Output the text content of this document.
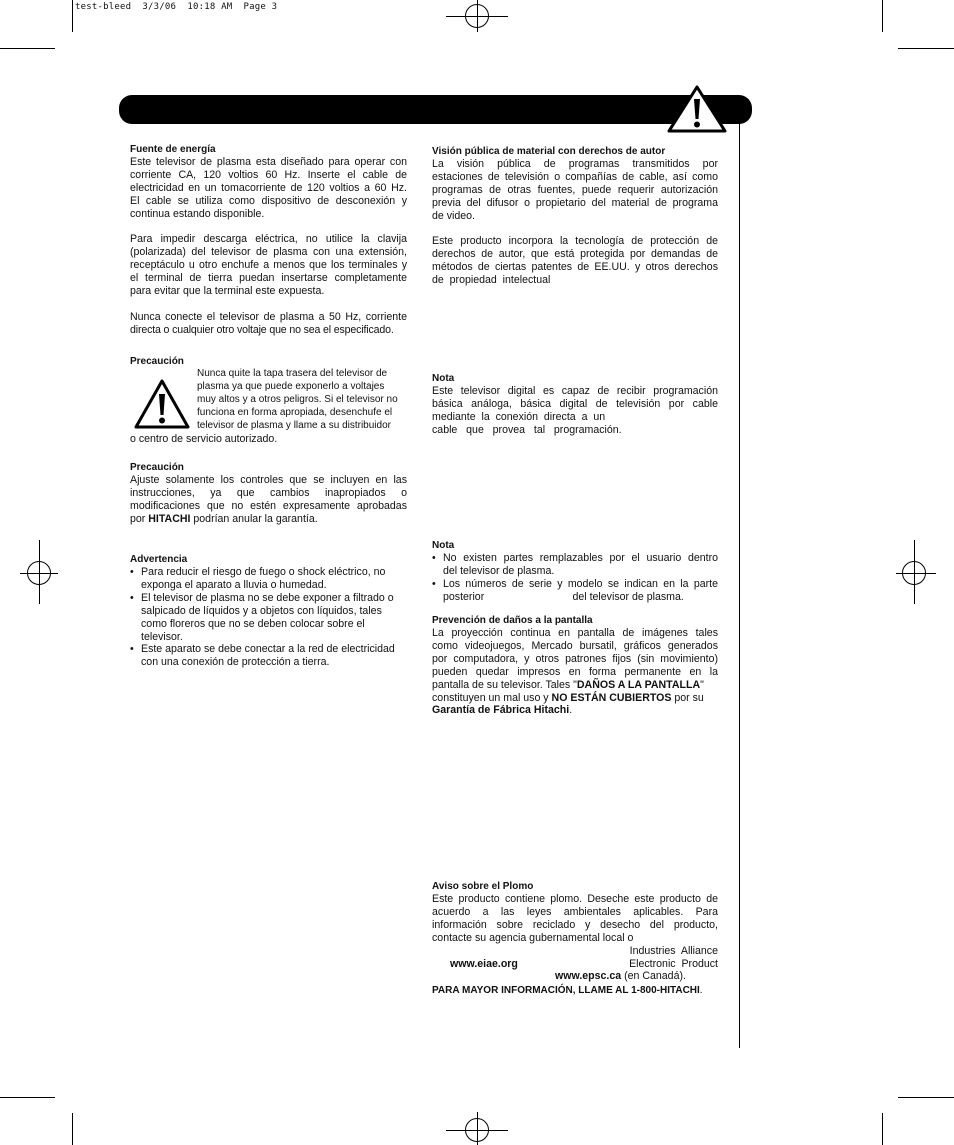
test-bleed  3/3/06  10:18 AM  Page 3

Fuente de energía

Este televisor de plasma esta diseñado para operar con

corriente CA, 120 voltios 60 Hz. Inserte el cable de

electricidad en un tomacorriente de 120 voltios a 60 Hz.

El cable se utiliza como dispositivo de desconexión y

continua estando disponible.

Para impedir descarga eléctrica, no utilice la clavija

(polarizada) del televisor de plasma con una extensión,

receptáculo u otro enchufe a menos que los terminales y

el terminal de tierra puedan insertarse completamente

para evitar que la terminal este expuesta.

Nunca conecte el televisor de plasma a 50 Hz, corriente

directa o cualquier otro voltaje que no sea el especificado.

Precaución

Nunca quite la tapa trasera del televisor de

plasma ya que puede exponerlo a voltajes

muy altos y a otros peligros. Si el televisor no

funciona en forma apropiada, desenchufe el

televisor de plasma y llame a su distribuidor

o centro de servicio autorizado.

Precaución

Ajuste solamente los controles que se incluyen en las

instrucciones, ya que cambios inapropiados o

modificaciones que no estén expresamente aprobadas

por HITACHI podrían anular la garantía.

Advertencia

• Para reducir el riesgo de fuego o shock eléctrico, no

exponga el aparato a lluvia o humedad.

• El televisor de plasma no se debe exponer a filtrado o

salpicado de líquidos y a objetos con líquidos, tales

como floreros que no se deben colocar sobre el

televisor.

• Este aparato se debe conectar a la red de electricidad

con una conexión de protección a tierra.

Visión pública de material con derechos de autor

La visión pública de programas transmitidos por

estaciones de televisión o compañías de cable, así como

programas de otras fuentes, puede requerir autorización

previa del difusor o propietario del material de programa

de video.

Este producto incorpora la tecnología de protección de

derechos de autor, que está protegida por demandas de

métodos de ciertas patentes de EE.UU. y otros derechos

de  propiedad  intelectual

Nota

Este televisor digital es capaz de recibir programación

básica análoga, básica digital de televisión por cable

mediante  la  conexión  directa  a  un

cable   que   provea   tal   programación.

Nota

• No existen partes remplazables por el usuario dentro

del televisor de plasma.

• Los números de serie y modelo se indican en la parte

posterior                              del televisor de plasma.

Prevención de daños a la pantalla

La proyección continua en pantalla de imágenes tales

como videojuegos, Mercado bursatil, gráficos generados

por computadora, y otros patrones fijos (sin movimiento)

pueden quedar impresos en forma permanente en la

pantalla de su televisor. Tales "DAÑOS A LA PANTALLA"

constituyen un mal uso y NO ESTÁN CUBIERTOS por su

Garantía de Fábrica Hitachi.

Aviso sobre el Plomo

Este producto contiene plomo. Deseche este producto de

acuerdo a las leyes ambientales aplicables. Para

información sobre reciclado y desecho del producto,

contacte su agencia gubernamental local o

Industries  Alliance

www.eiae.org	Electronic  Product

www.epsc.ca (en Canadá).

PARA MAYOR INFORMACIÓN, LLAME AL 1-800-HITACHI.
